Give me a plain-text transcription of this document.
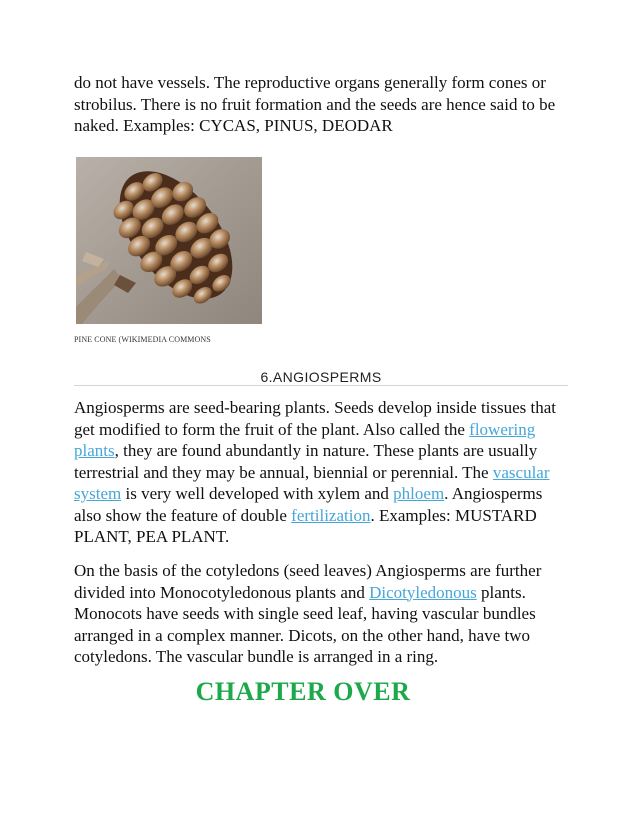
do not have vessels. The reproductive organs generally form cones or strobilus. There is no fruit formation and the seeds are hence said to be naked. Examples: CYCAS, PINUS, DEODAR

PINE CONE (WIKIMEDIA COMMONS
6.ANGIOSPERMS

Angiosperms are seed-bearing plants. Seeds develop inside tissues that get modified to form the fruit of the plant. Also called the flowering plants, they are found abundantly in nature. These plants are usually terrestrial and they may be annual, biennial or perennial. The vascular system is very well developed with xylem and phloem. Angiosperms also show the feature of double fertilization. Examples: MUSTARD PLANT, PEA PLANT.

On the basis of the cotyledons (seed leaves) Angiosperms are further divided into Monocotyledonous plants and Dicotyledonous plants. Monocots have seeds with single seed leaf, having vascular bundles arranged in a complex manner. Dicots, on the other hand, have two cotyledons. The vascular bundle is arranged in a ring.

CHAPTER OVER
